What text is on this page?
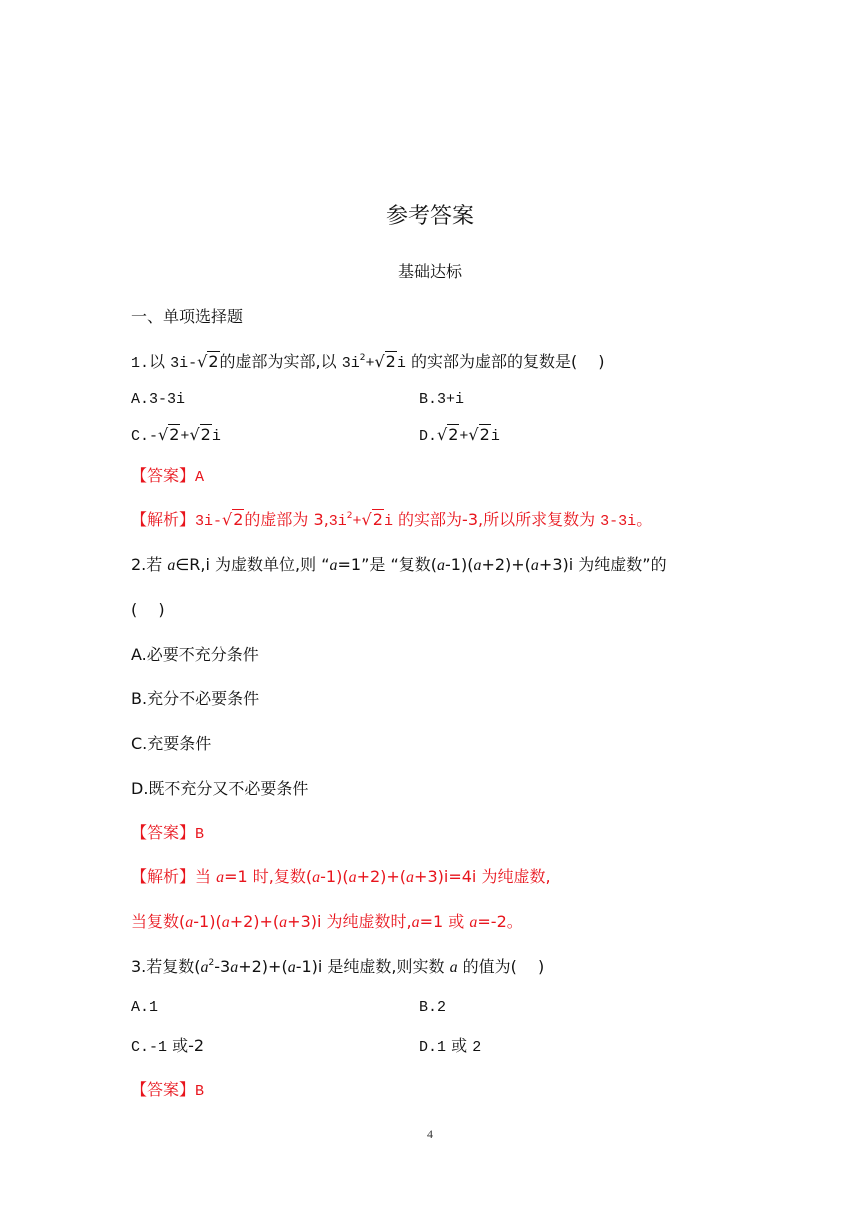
参考答案
基础达标
一、单项选择题
1.以 3i-√2的虚部为实部,以 $3i^2+√2i$ 的实部为虚部的复数是(　 )
A.3-3i	B.3+i
C.-√2+√2i	D.√2+√2i
【答案】A
【解析】3i-√2的虚部为 $3,3i^2+√2i$ 的实部为-3,所以所求复数为 3-3i。
2.若 a∈R,i 为虚数单位,则 “a=1”是 “复数(a-1)(a+2)+(a+3)i 为纯虚数”的
(　 )
A.必要不充分条件
B.充分不必要条件
C.充要条件
D.既不充分又不必要条件
【答案】B
【解析】当 a=1 时,复数(a-1)(a+2)+(a+3)i=4i 为纯虚数,
当复数(a-1)(a+2)+(a+3)i 为纯虚数时,a=1 或 a=-2。
3.若复数$(a^2-3a+2)+(a-1)i$ 是纯虚数,则实数 a 的值为(　 )
A.1	B.2
C.-1 或-2	D.1 或 2
【答案】B
4
